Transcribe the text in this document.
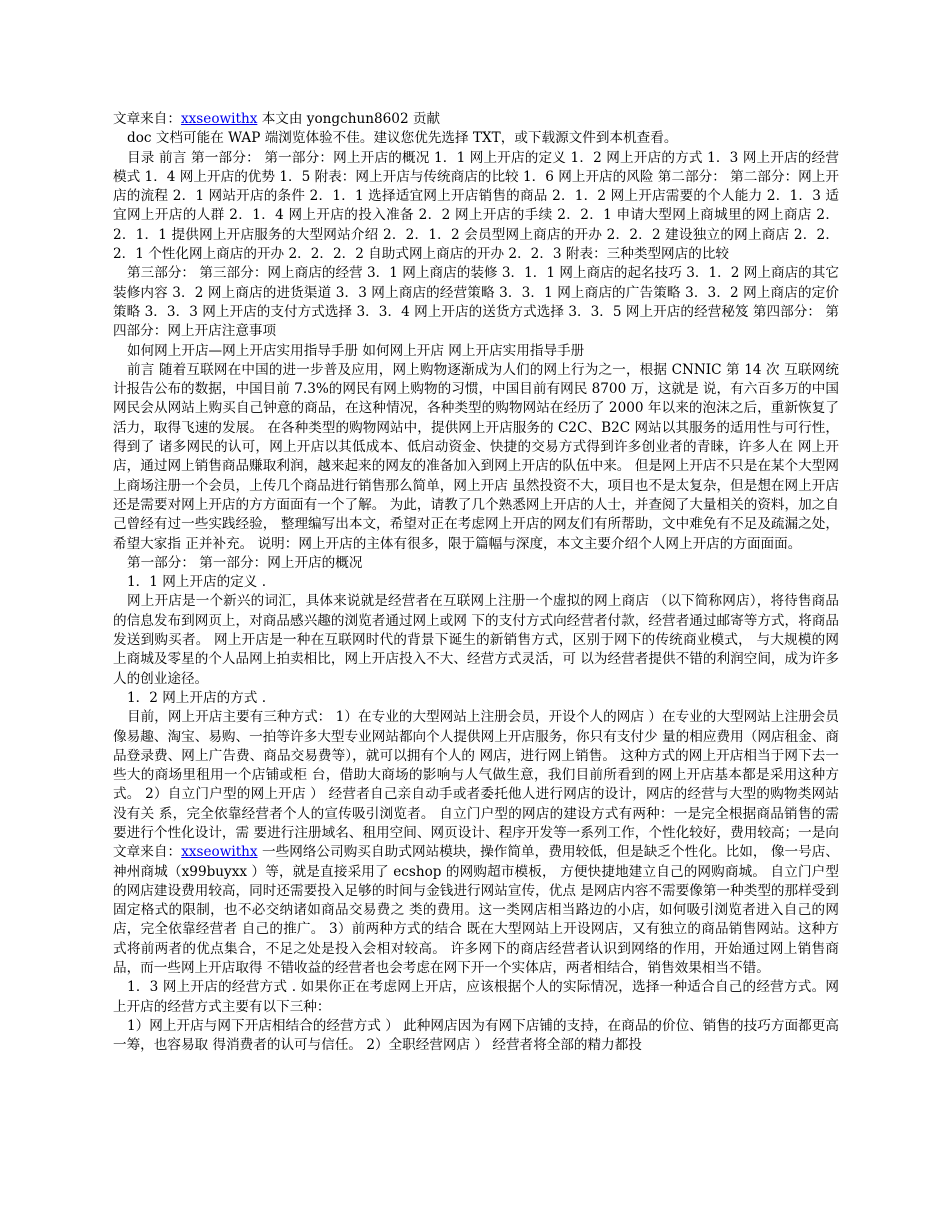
文章来自：xxseowithx 本文由 yongchun8602 贡献
doc 文档可能在 WAP 端浏览体验不佳。建议您优先选择 TXT，或下载源文件到本机查看。
目录 前言 第一部分： 第一部分：网上开店的概况 1．1 网上开店的定义 1．2 网上开店的方式 1．3 网上开店的经营模式 1．4 网上开店的优势 1．5 附表：网上开店与传统商店的比较 1．6 网上开店的风险 第二部分： 第二部分：网上开店的流程 2．1 网站开店的条件 2．1．1 选择适宜网上开店销售的商品 2．1．2 网上开店需要的个人能力 2．1．3 适宜网上开店的人群 2．1．4 网上开店的投入准备 2．2 网上开店的手续 2．2．1 申请大型网上商城里的网上商店 2．2．1．1 提供网上开店服务的大型网站介绍 2．2．1．2 会员型网上商店的开办 2．2．2 建设独立的网上商店 2．2．2．1 个性化网上商店的开办 2．2．2．2 自助式网上商店的开办 2．2．3 附表：三种类型网店的比较
第三部分： 第三部分：网上商店的经营 3．1 网上商店的装修 3．1．1 网上商店的起名技巧 3．1．2 网上商店的其它装修内容 3．2 网上商店的进货渠道 3．3 网上商店的经营策略 3．3．1 网上商店的广告策略 3．3．2 网上商店的定价策略 3．3．3 网上开店的支付方式选择 3．3．4 网上开店的送货方式选择 3．3．5 网上开店的经营秘笈 第四部分： 第四部分：网上开店注意事项
如何网上开店—网上开店实用指导手册 如何网上开店 网上开店实用指导手册
前言 随着互联网在中国的进一步普及应用，网上购物逐渐成为人们的网上行为之一，根据 CNNIC 第 14 次 互联网统计报告公布的数据，中国目前 7.3%的网民有网上购物的习惯，中国目前有网民 8700 万，这就是 说，有六百多万的中国网民会从网站上购买自己钟意的商品，在这种情况，各种类型的购物网站在经历了 2000 年以来的泡沫之后，重新恢复了活力，取得飞速的发展。 在各种类型的购物网站中，提供网上开店服务的 C2C、B2C 网站以其服务的适用性与可行性，得到了 诸多网民的认可，网上开店以其低成本、低启动资金、快捷的交易方式得到许多创业者的青睐，许多人在 网上开店，通过网上销售商品赚取利润，越来起来的网友的准备加入到网上开店的队伍中来。 但是网上开店不只是在某个大型网上商场注册一个会员，上传几个商品进行销售那么简单，网上开店 虽然投资不大，项目也不是太复杂，但是想在网上开店还是需要对网上开店的方方面面有一个了解。 为此，请教了几个熟悉网上开店的人士，并查阅了大量相关的资料，加之自己曾经有过一些实践经验， 整理编写出本文，希望对正在考虑网上开店的网友们有所帮助，文中难免有不足及疏漏之处，希望大家指 正并补充。 说明：网上开店的主体有很多，限于篇幅与深度，本文主要介绍个人网上开店的方面面面。
第一部分： 第一部分：网上开店的概况
1．1 网上开店的定义 .
网上开店是一个新兴的词汇，具体来说就是经营者在互联网上注册一个虚拟的网上商店 （以下简称网店），将待售商品的信息发布到网页上，对商品感兴趣的浏览者通过网上或网 下的支付方式向经营者付款，经营者通过邮寄等方式，将商品发送到购买者。 网上开店是一种在互联网时代的背景下诞生的新销售方式，区别于网下的传统商业模式， 与大规模的网上商城及零星的个人品网上拍卖相比，网上开店投入不大、经营方式灵活，可 以为经营者提供不错的利润空间，成为许多人的创业途径。
1．2 网上开店的方式 .
目前，网上开店主要有三种方式： 1）在专业的大型网站上注册会员，开设个人的网店 ）在专业的大型网站上注册会员 像易趣、淘宝、易购、一拍等许多大型专业网站都向个人提供网上开店服务，你只有支付少 量的相应费用（网店租金、商品登录费、网上广告费、商品交易费等），就可以拥有个人的 网店，进行网上销售。 这种方式的网上开店相当于网下去一些大的商场里租用一个店铺或柜 台，借助大商场的影响与人气做生意，我们目前所看到的网上开店基本都是采用这种方式。 2）自立门户型的网上开店 ） 经营者自己亲自动手或者委托他人进行网店的设计，网店的经营与大型的购物类网站没有关 系，完全依靠经营者个人的宣传吸引浏览者。 自立门户型的网店的建设方式有两种：一是完全根据商品销售的需要进行个性化设计，需 要进行注册域名、租用空间、网页设计、程序开发等一系列工作，个性化较好，费用较高；一是向文章来自：xxseowithx 一些网络公司购买自助式网站模块，操作简单，费用较低，但是缺乏个性化。比如， 像一号店、神州商城（x99buyxx ）等，就是直接采用了 ecshop 的网购超市模板， 方便快捷地建立自己的网购商城。 自立门户型的网店建设费用较高，同时还需要投入足够的时间与金钱进行网站宣传，优点 是网店内容不需要像第一种类型的那样受到固定格式的限制，也不必交纳诸如商品交易费之 类的费用。这一类网店相当路边的小店，如何吸引浏览者进入自己的网店，完全依靠经营者 自己的推广。 3）前两种方式的结合 既在大型网站上开设网店，又有独立的商品销售网站。这种方式将前两者的优点集合，不足之处是投入会相对较高。 许多网下的商店经营者认识到网络的作用，开始通过网上销售商品，而一些网上开店取得 不错收益的经营者也会考虑在网下开一个实体店，两者相结合，销售效果相当不错。
1．3 网上开店的经营方式 . 如果你正在考虑网上开店，应该根据个人的实际情况，选择一种适合自己的经营方式。网 上开店的经营方式主要有以下三种：
1）网上开店与网下开店相结合的经营方式 ） 此种网店因为有网下店铺的支持，在商品的价位、销售的技巧方面都更高一筹，也容易取 得消费者的认可与信任。 2）全职经营网店 ） 经营者将全部的精力都投
